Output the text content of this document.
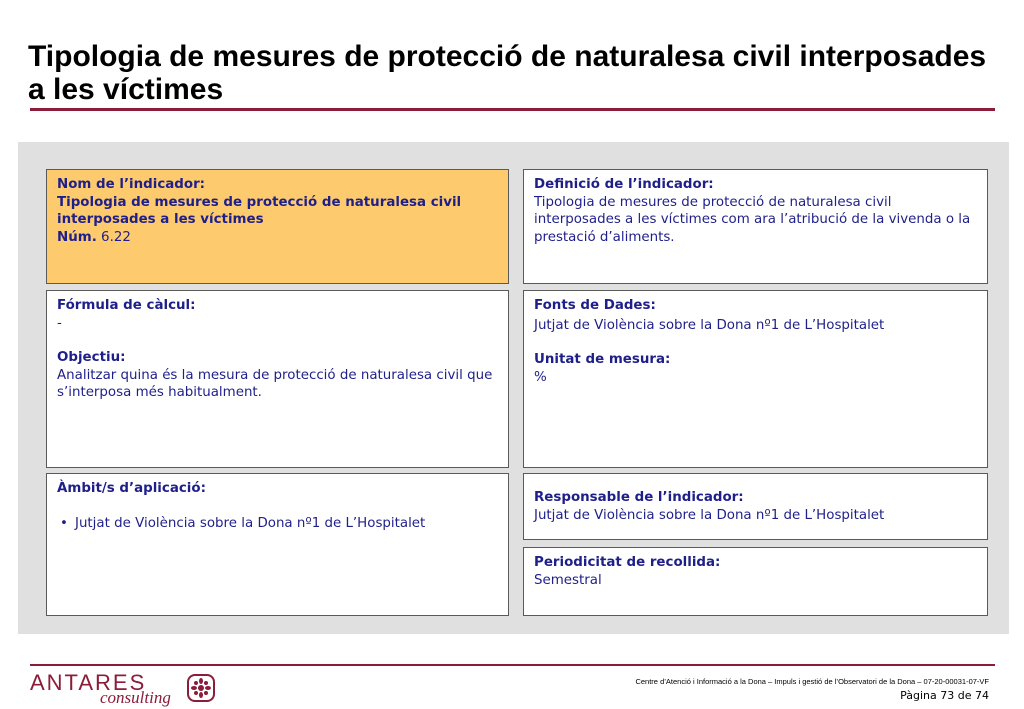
Tipologia de mesures de protecció de naturalesa civil interposades a les víctimes
Nom de l’indicador:
Tipologia de mesures de protecció de naturalesa civil interposades a les víctimes
Núm. 6.22
Definició de l’indicador:
Tipologia de mesures de protecció de naturalesa civil interposades a les víctimes com ara l’atribució de la vivenda o la prestació d’aliments.
Fórmula de càlcul:
-
Objectiu:
Analitzar quina és la mesura de protecció de naturalesa civil que s’interposa més habitualment.
Fonts de Dades:
Jutjat de Violència sobre la Dona nº1 de L’Hospitalet
Unitat de mesura:
%
Àmbit/s d’aplicació:
• Jutjat de Violència sobre la Dona nº1 de L’Hospitalet
Responsable de l’indicador:
Jutjat de Violència sobre la Dona nº1 de L’Hospitalet
Periodicitat de recollida:
Semestral
ANTARES
consulting
Centre d’Atenció i Informació a la Dona – Impuls i gestió de l’Observatori de la Dona – 07-20-00031-07-VF
Pàgina 73 de 74
